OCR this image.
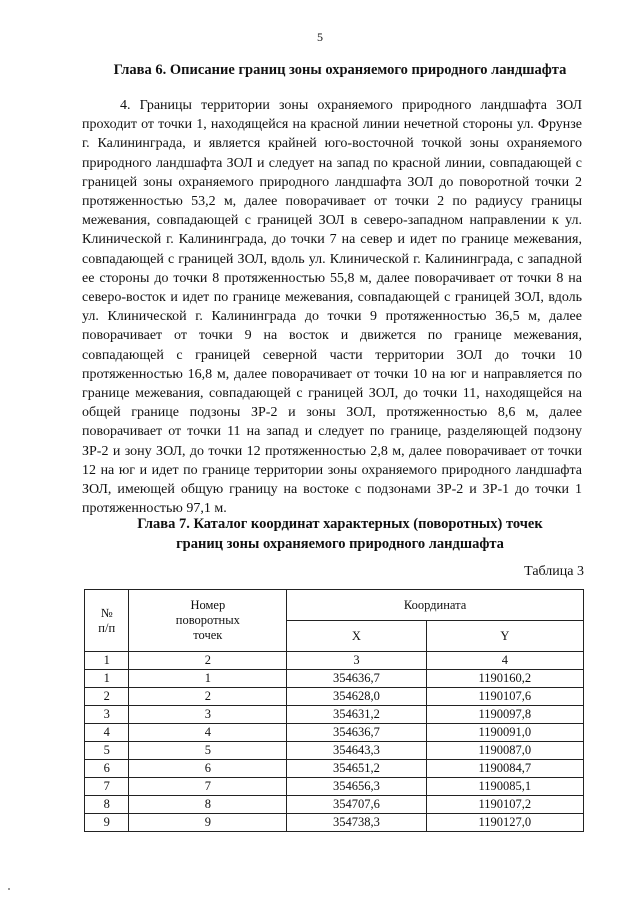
5
Глава 6. Описание границ зоны охраняемого природного ландшафта

4. Границы территории зоны охраняемого природного ландшафта ЗОЛ проходит от точки 1, находящейся на красной линии нечетной стороны ул. Фрунзе г. Калининграда, и является крайней юго-восточной точкой зоны охраняемого природного ландшафта ЗОЛ и следует на запад по красной линии, совпадающей с границей зоны охраняемого природного ландшафта ЗОЛ до поворотной точки 2 протяженностью 53,2 м, далее поворачивает от точки 2 по радиусу границы межевания, совпадающей с границей ЗОЛ в северо-западном направлении к ул. Клинической г. Калининграда, до точки 7 на север и идет по границе межевания, совпадающей с границей ЗОЛ, вдоль ул. Клинической г. Калининграда, с западной ее стороны до точки 8 протяженностью 55,8 м, далее поворачивает от точки 8 на северо-восток и идет по границе межевания, совпадающей с границей ЗОЛ, вдоль ул. Клинической г. Калининграда до точки 9 протяженностью 36,5 м, далее поворачивает от точки 9 на восток и движется по границе межевания, совпадающей с границей северной части территории ЗОЛ до точки 10 протяженностью 16,8 м, далее поворачивает от точки 10 на юг и направляется по границе межевания, совпадающей с границей ЗОЛ, до точки 11, находящейся на общей границе подзоны ЗР-2 и зоны ЗОЛ, протяженностью 8,6 м, далее поворачивает от точки 11 на запад и следует по границе, разделяющей подзону ЗР-2 и зону ЗОЛ, до точки 12 протяженностью 2,8 м, далее поворачивает от точки 12 на юг и идет по границе территории зоны охраняемого природного ландшафта ЗОЛ, имеющей общую границу на востоке с подзонами ЗР-2 и ЗР-1 до точки 1 протяженностью 97,1 м.

Глава 7. Каталог координат характерных (поворотных) точек
границ зоны охраняемого природного ландшафта
Таблица 3
№
п/п	Номер поворотных точек	Координата	
		X	Y
1	2	3	4
1	1	354636,7	1190160,2
2	2	354628,0	1190107,6
3	3	354631,2	1190097,8
4	4	354636,7	1190091,0
5	5	354643,3	1190087,0
6	6	354651,2	1190084,7
7	7	354656,3	1190085,1
8	8	354707,6	1190107,2
9	9	354738,3	1190127,0
